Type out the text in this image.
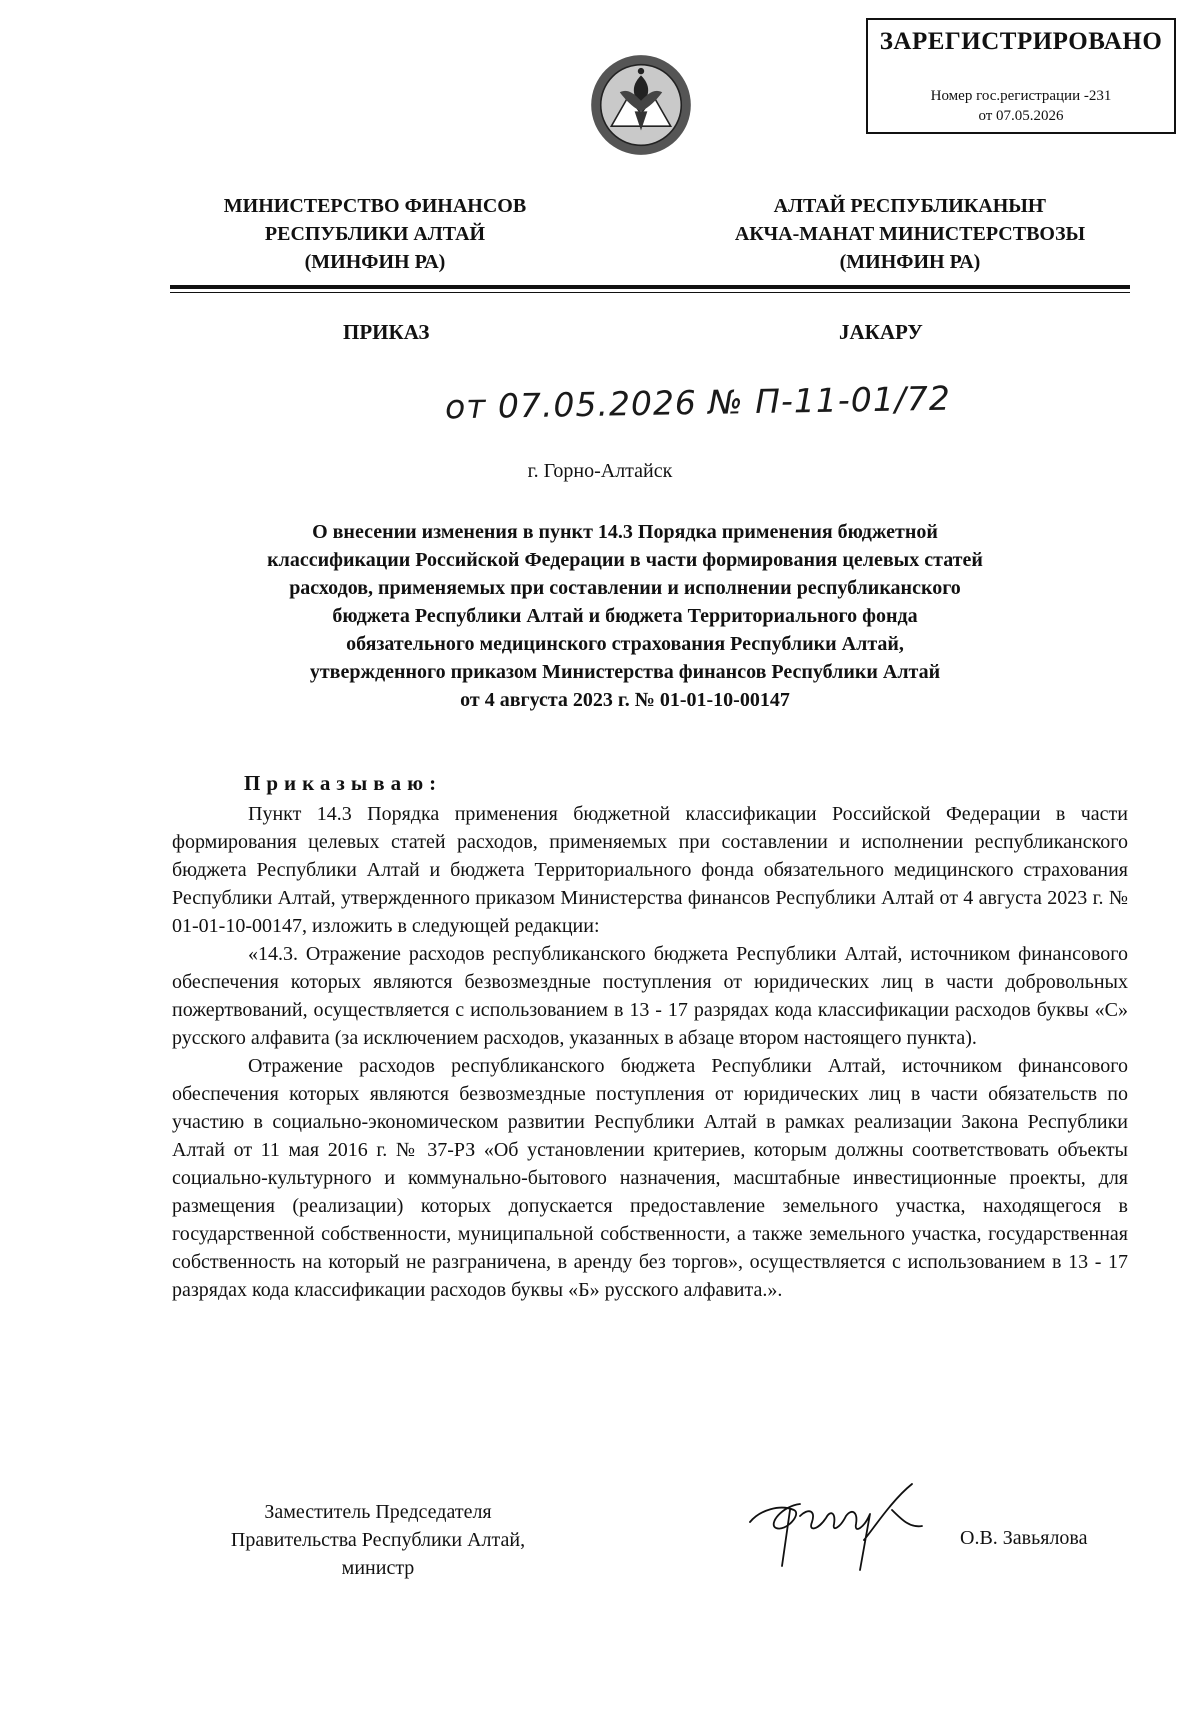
ЗАРЕГИСТРИРОВАНО
Номер гос.регистрации -231
от 07.05.2026
МИНИСТЕРСТВО ФИНАНСОВ
РЕСПУБЛИКИ АЛТАЙ
(МИНФИН РА)
АЛТАЙ РЕСПУБЛИКАНЫҤ
АКЧА-МАНАТ МИНИСТЕРСТВОЗЫ
(МИНФИН РА)
ПРИКАЗ	JАКАРУ
от 07.05.2026 № П-11-01/72
г. Горно-Алтайск
О внесении изменения в пункт 14.3 Порядка применения бюджетной
классификации Российской Федерации в части формирования целевых статей
расходов, применяемых при составлении и исполнении республиканского
бюджета Республики Алтай и бюджета Территориального фонда
обязательного медицинского страхования Республики Алтай,
утвержденного приказом Министерства финансов Республики Алтай
от 4 августа 2023 г. № 01-01-10-00147
Приказываю:

Пункт 14.3 Порядка применения бюджетной классификации Российской Федерации в части формирования целевых статей расходов, применяемых при составлении и исполнении республиканского бюджета Республики Алтай и бюджета Территориального фонда обязательного медицинского страхования Республики Алтай, утвержденного приказом Министерства финансов Республики Алтай от 4 августа 2023 г. № 01-01-10-00147, изложить в следующей редакции:

«14.3. Отражение расходов республиканского бюджета Республики Алтай, источником финансового обеспечения которых являются безвозмездные поступления от юридических лиц в части добровольных пожертвований, осуществляется с использованием в 13 - 17 разрядах кода классификации расходов буквы «С» русского алфавита (за исключением расходов, указанных в абзаце втором настоящего пункта).

Отражение расходов республиканского бюджета Республики Алтай, источником финансового обеспечения которых являются безвозмездные поступления от юридических лиц в части обязательств по участию в социально-экономическом развитии Республики Алтай в рамках реализации Закона Республики Алтай от 11 мая 2016 г. № 37-РЗ «Об установлении критериев, которым должны соответствовать объекты социально-культурного и коммунально-бытового назначения, масштабные инвестиционные проекты, для размещения (реализации) которых допускается предоставление земельного участка, находящегося в государственной собственности, муниципальной собственности, а также земельного участка, государственная собственность на который не разграничена, в аренду без торгов», осуществляется с использованием в 13 - 17 разрядах кода классификации расходов буквы «Б» русского алфавита.».

Заместитель Председателя
Правительства Республики Алтай,
министр
О.В. Завьялова
